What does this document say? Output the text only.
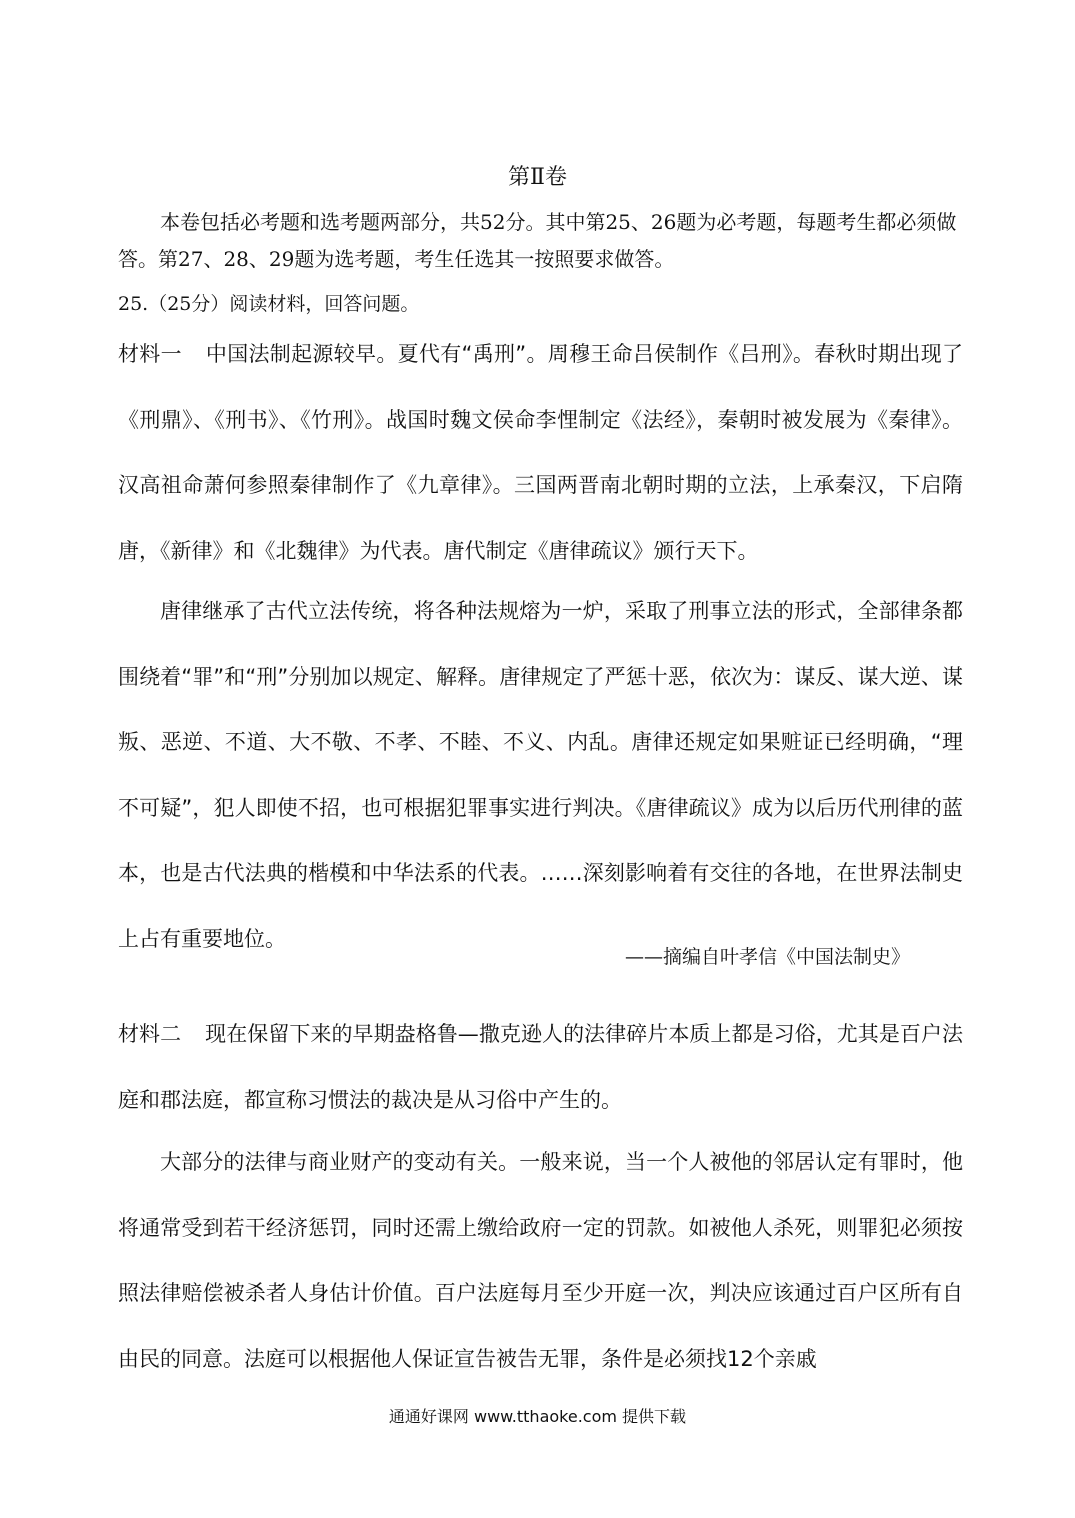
第Ⅱ卷
本卷包括必考题和选考题两部分，共52分。其中第25、26题为必考题，每题考生都必须做答。第27、28、29题为选考题，考生任选其一按照要求做答。
25.（25分）阅读材料，回答问题。

材料一 中国法制起源较早。夏代有“禹刑”。周穆王命吕侯制作《吕刑》。春秋时期出现了《刑鼎》、《刑书》、《竹刑》。战国时魏文侯命李悝制定《法经》，秦朝时被发展为《秦律》。汉高祖命萧何参照秦律制作了《九章律》。三国两晋南北朝时期的立法，上承秦汉，下启隋唐，《新律》和《北魏律》为代表。唐代制定《唐律疏议》颁行天下。

唐律继承了古代立法传统，将各种法规熔为一炉，采取了刑事立法的形式，全部律条都围绕着“罪”和“刑”分别加以规定、解释。唐律规定了严惩十恶，依次为：谋反、谋大逆、谋叛、恶逆、不道、大不敬、不孝、不睦、不义、内乱。唐律还规定如果赃证已经明确，“理不可疑”，犯人即使不招，也可根据犯罪事实进行判决。《唐律疏议》成为以后历代刑律的蓝本，也是古代法典的楷模和中华法系的代表。……深刻影响着有交往的各地，在世界法制史上占有重要地位。

——摘编自叶孝信《中国法制史》

材料二 现在保留下来的早期盎格鲁—撒克逊人的法律碎片本质上都是习俗，尤其是百户法庭和郡法庭，都宣称习惯法的裁决是从习俗中产生的。

大部分的法律与商业财产的变动有关。一般来说，当一个人被他的邻居认定有罪时，他将通常受到若干经济惩罚，同时还需上缴给政府一定的罚款。如被他人杀死，则罪犯必须按照法律赔偿被杀者人身估计价值。百户法庭每月至少开庭一次，判决应该通过百户区所有自由民的同意。法庭可以根据他人保证宣告被告无罪，条件是必须找12个亲戚

通通好课网 www.tthaoke.com 提供下载
